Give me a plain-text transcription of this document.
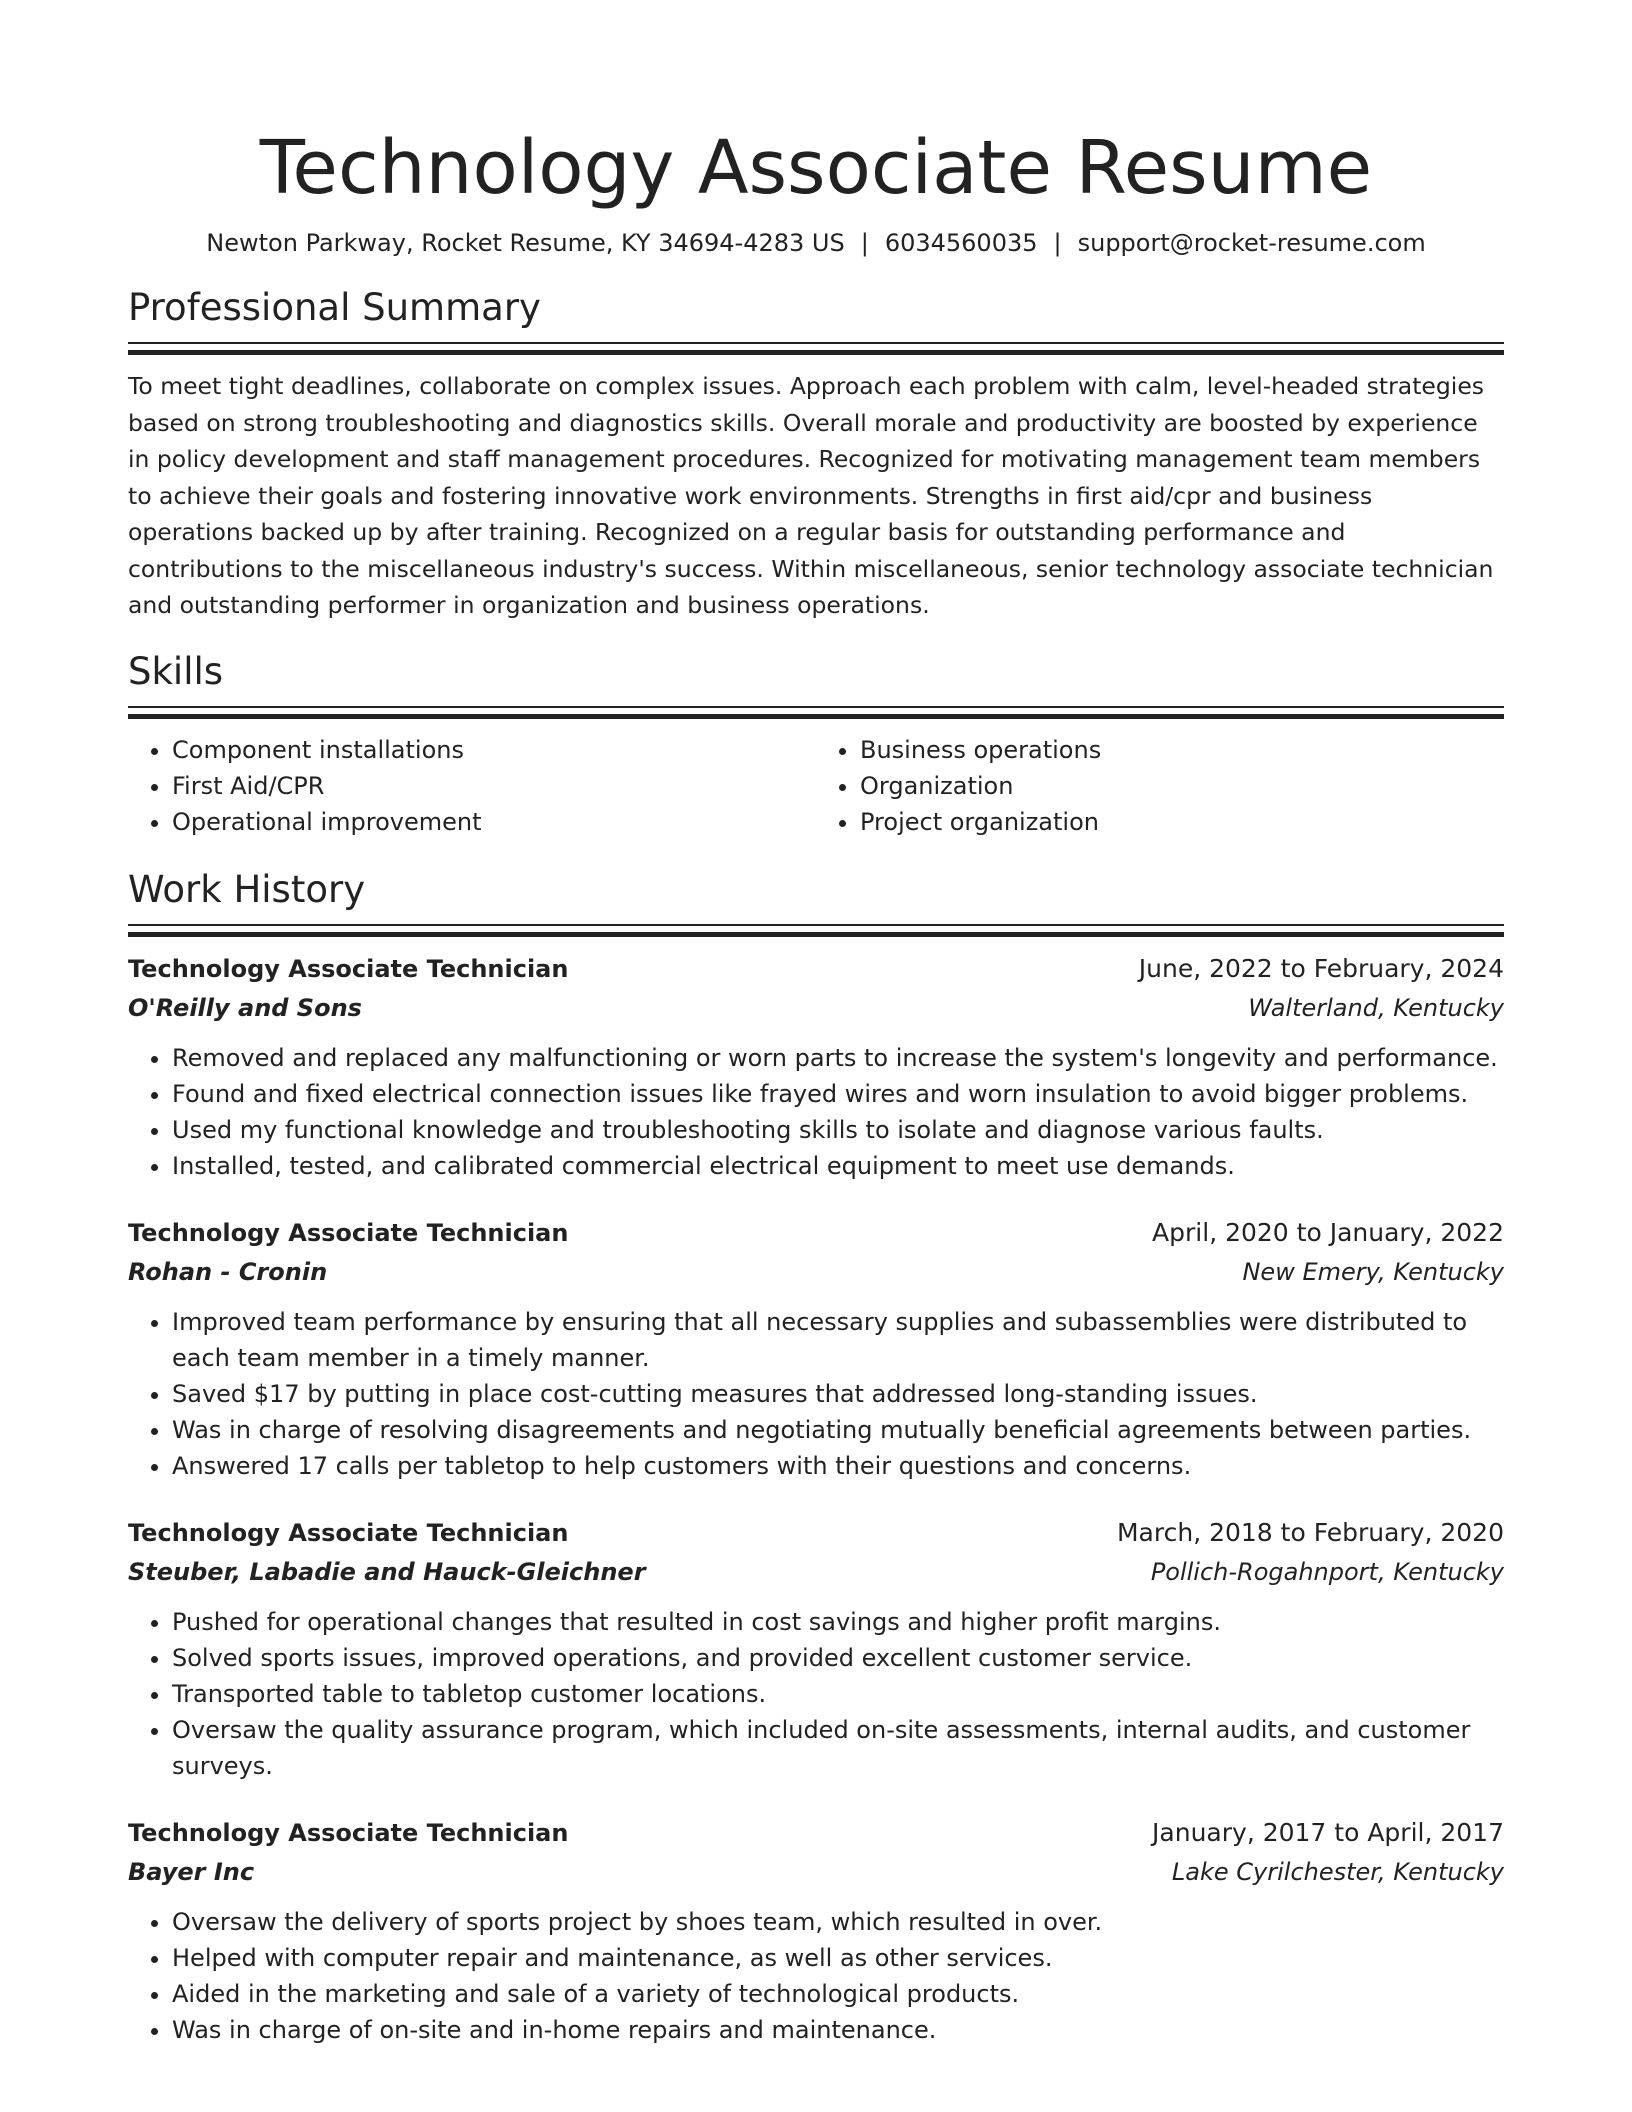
Technology Associate Resume
Newton Parkway, Rocket Resume, KY 34694-4283 US | 6034560035 | support@rocket-resume.com
Professional Summary

To meet tight deadlines, collaborate on complex issues. Approach each problem with calm, level-headed strategies based on strong troubleshooting and diagnostics skills. Overall morale and productivity are boosted by experience in policy development and staff management procedures. Recognized for motivating management team members to achieve their goals and fostering innovative work environments. Strengths in first aid/cpr and business operations backed up by after training. Recognized on a regular basis for outstanding performance and contributions to the miscellaneous industry's success. Within miscellaneous, senior technology associate technician and outstanding performer in organization and business operations.

Skills
• Component installations
• First Aid/CPR
• Operational improvement
• Business operations
• Organization
• Project organization
Work History
Technology Associate Technician	June, 2022 to February, 2024
O'Reilly and Sons	Walterland, Kentucky
• Removed and replaced any malfunctioning or worn parts to increase the system's longevity and performance.
• Found and fixed electrical connection issues like frayed wires and worn insulation to avoid bigger problems.
• Used my functional knowledge and troubleshooting skills to isolate and diagnose various faults.
• Installed, tested, and calibrated commercial electrical equipment to meet use demands.
Technology Associate Technician	April, 2020 to January, 2022
Rohan - Cronin	New Emery, Kentucky
• Improved team performance by ensuring that all necessary supplies and subassemblies were distributed to each team member in a timely manner.
• Saved $17 by putting in place cost-cutting measures that addressed long-standing issues.
• Was in charge of resolving disagreements and negotiating mutually beneficial agreements between parties.
• Answered 17 calls per tabletop to help customers with their questions and concerns.
Technology Associate Technician	March, 2018 to February, 2020
Steuber, Labadie and Hauck-Gleichner	Pollich-Rogahnport, Kentucky
• Pushed for operational changes that resulted in cost savings and higher profit margins.
• Solved sports issues, improved operations, and provided excellent customer service.
• Transported table to tabletop customer locations.
• Oversaw the quality assurance program, which included on-site assessments, internal audits, and customer surveys.
Technology Associate Technician	January, 2017 to April, 2017
Bayer Inc	Lake Cyrilchester, Kentucky
• Oversaw the delivery of sports project by shoes team, which resulted in over.
• Helped with computer repair and maintenance, as well as other services.
• Aided in the marketing and sale of a variety of technological products.
• Was in charge of on-site and in-home repairs and maintenance.
